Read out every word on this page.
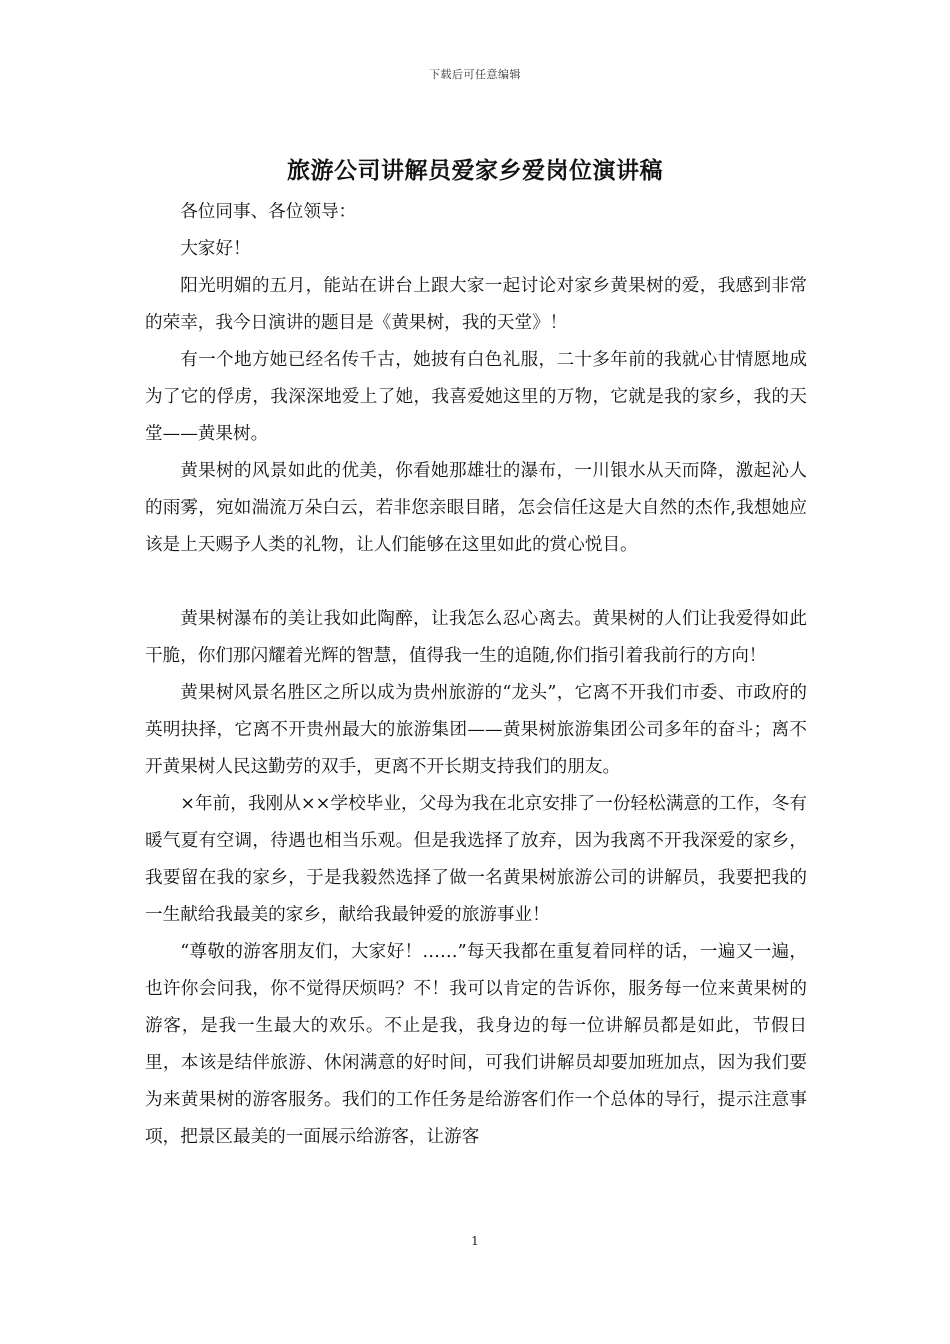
下载后可任意编辑
旅游公司讲解员爱家乡爱岗位演讲稿

各位同事、各位领导：

大家好！

阳光明媚的五月，能站在讲台上跟大家一起讨论对家乡黄果树的爱，我感到非常的荣幸，我今日演讲的题目是《黄果树，我的天堂》！

有一个地方她已经名传千古，她披有白色礼服，二十多年前的我就心甘情愿地成为了它的俘虏，我深深地爱上了她，我喜爱她这里的万物，它就是我的家乡，我的天堂——黄果树。

黄果树的风景如此的优美，你看她那雄壮的瀑布，一川银水从天而降，激起沁人的雨雾，宛如湍流万朵白云，若非您亲眼目睹，怎会信任这是大自然的杰作,我想她应该是上天赐予人类的礼物，让人们能够在这里如此的赏心悦目。

黄果树瀑布的美让我如此陶醉，让我怎么忍心离去。黄果树的人们让我爱得如此干脆，你们那闪耀着光辉的智慧，值得我一生的追随,你们指引着我前行的方向！

黄果树风景名胜区之所以成为贵州旅游的“龙头”，它离不开我们市委、市政府的英明抉择，它离不开贵州最大的旅游集团——黄果树旅游集团公司多年的奋斗；离不开黄果树人民这勤劳的双手，更离不开长期支持我们的朋友。

×年前，我刚从××学校毕业，父母为我在北京安排了一份轻松满意的工作，冬有暖气夏有空调，待遇也相当乐观。但是我选择了放弃，因为我离不开我深爱的家乡，我要留在我的家乡，于是我毅然选择了做一名黄果树旅游公司的讲解员，我要把我的一生献给我最美的家乡，献给我最钟爱的旅游事业！

“尊敬的游客朋友们，大家好！……”每天我都在重复着同样的话，一遍又一遍，也许你会问我，你不觉得厌烦吗？不！我可以肯定的告诉你，服务每一位来黄果树的游客，是我一生最大的欢乐。不止是我，我身边的每一位讲解员都是如此，节假日里，本该是结伴旅游、休闲满意的好时间，可我们讲解员却要加班加点，因为我们要为来黄果树的游客服务。我们的工作任务是给游客们作一个总体的导行，提示注意事项，把景区最美的一面展示给游客，让游客

1
